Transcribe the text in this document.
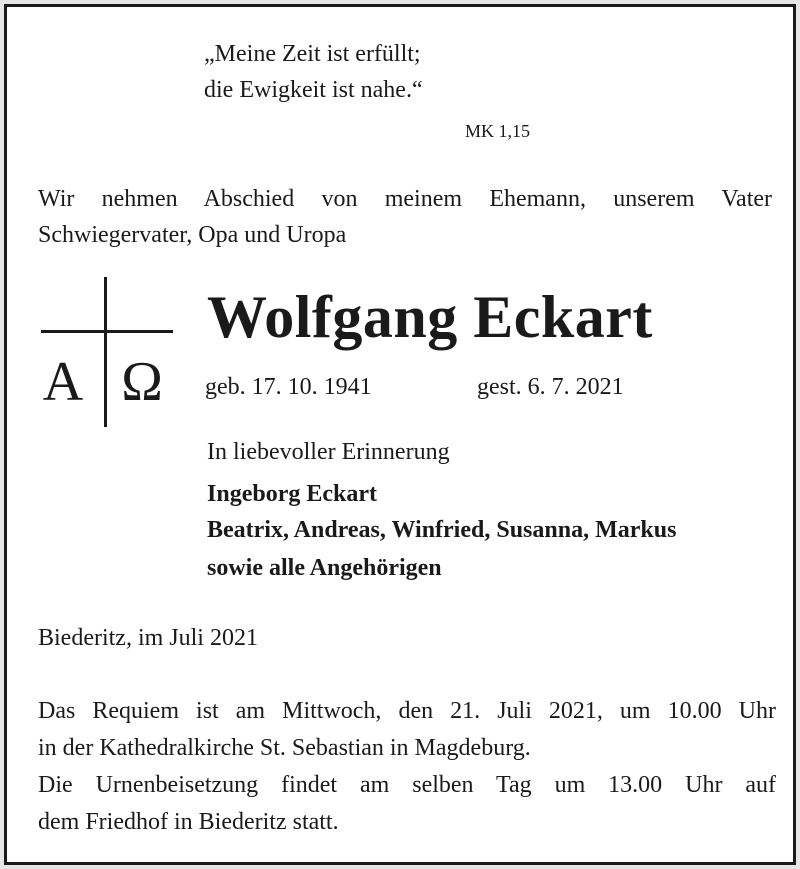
„Meine Zeit ist erfüllt;
die Ewigkeit ist nahe.“
MK 1,15
Wir nehmen Abschied von meinem Ehemann, unserem Vater
Schwiegervater, Opa und Uropa
A Ω
Wolfgang Eckart
geb. 17. 10. 1941	gest. 6. 7. 2021
In liebevoller Erinnerung
Ingeborg Eckart
Beatrix, Andreas, Winfried, Susanna, Markus
sowie alle Angehörigen
Biederitz, im Juli 2021
Das Requiem ist am Mittwoch, den 21. Juli 2021, um 10.00 Uhr
in der Kathedralkirche St. Sebastian in Magdeburg.
Die Urnenbeisetzung findet am selben Tag um 13.00 Uhr auf
dem Friedhof in Biederitz statt.
